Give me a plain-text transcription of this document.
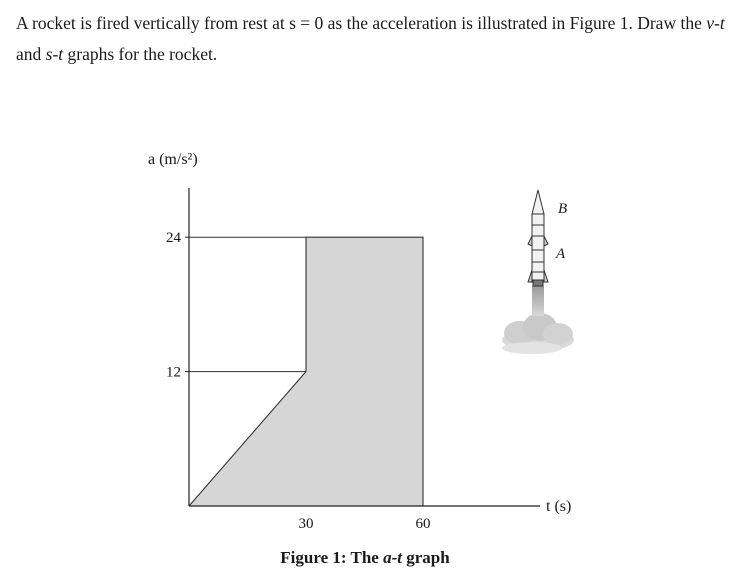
A rocket is fired vertically from rest at s = 0 as the acceleration is illustrated in Figure 1. Draw the v-t and s-t graphs for the rocket.
12
24
30	60
a (m/s²)
t (s)
B
A
Figure 1: The a-t graph
